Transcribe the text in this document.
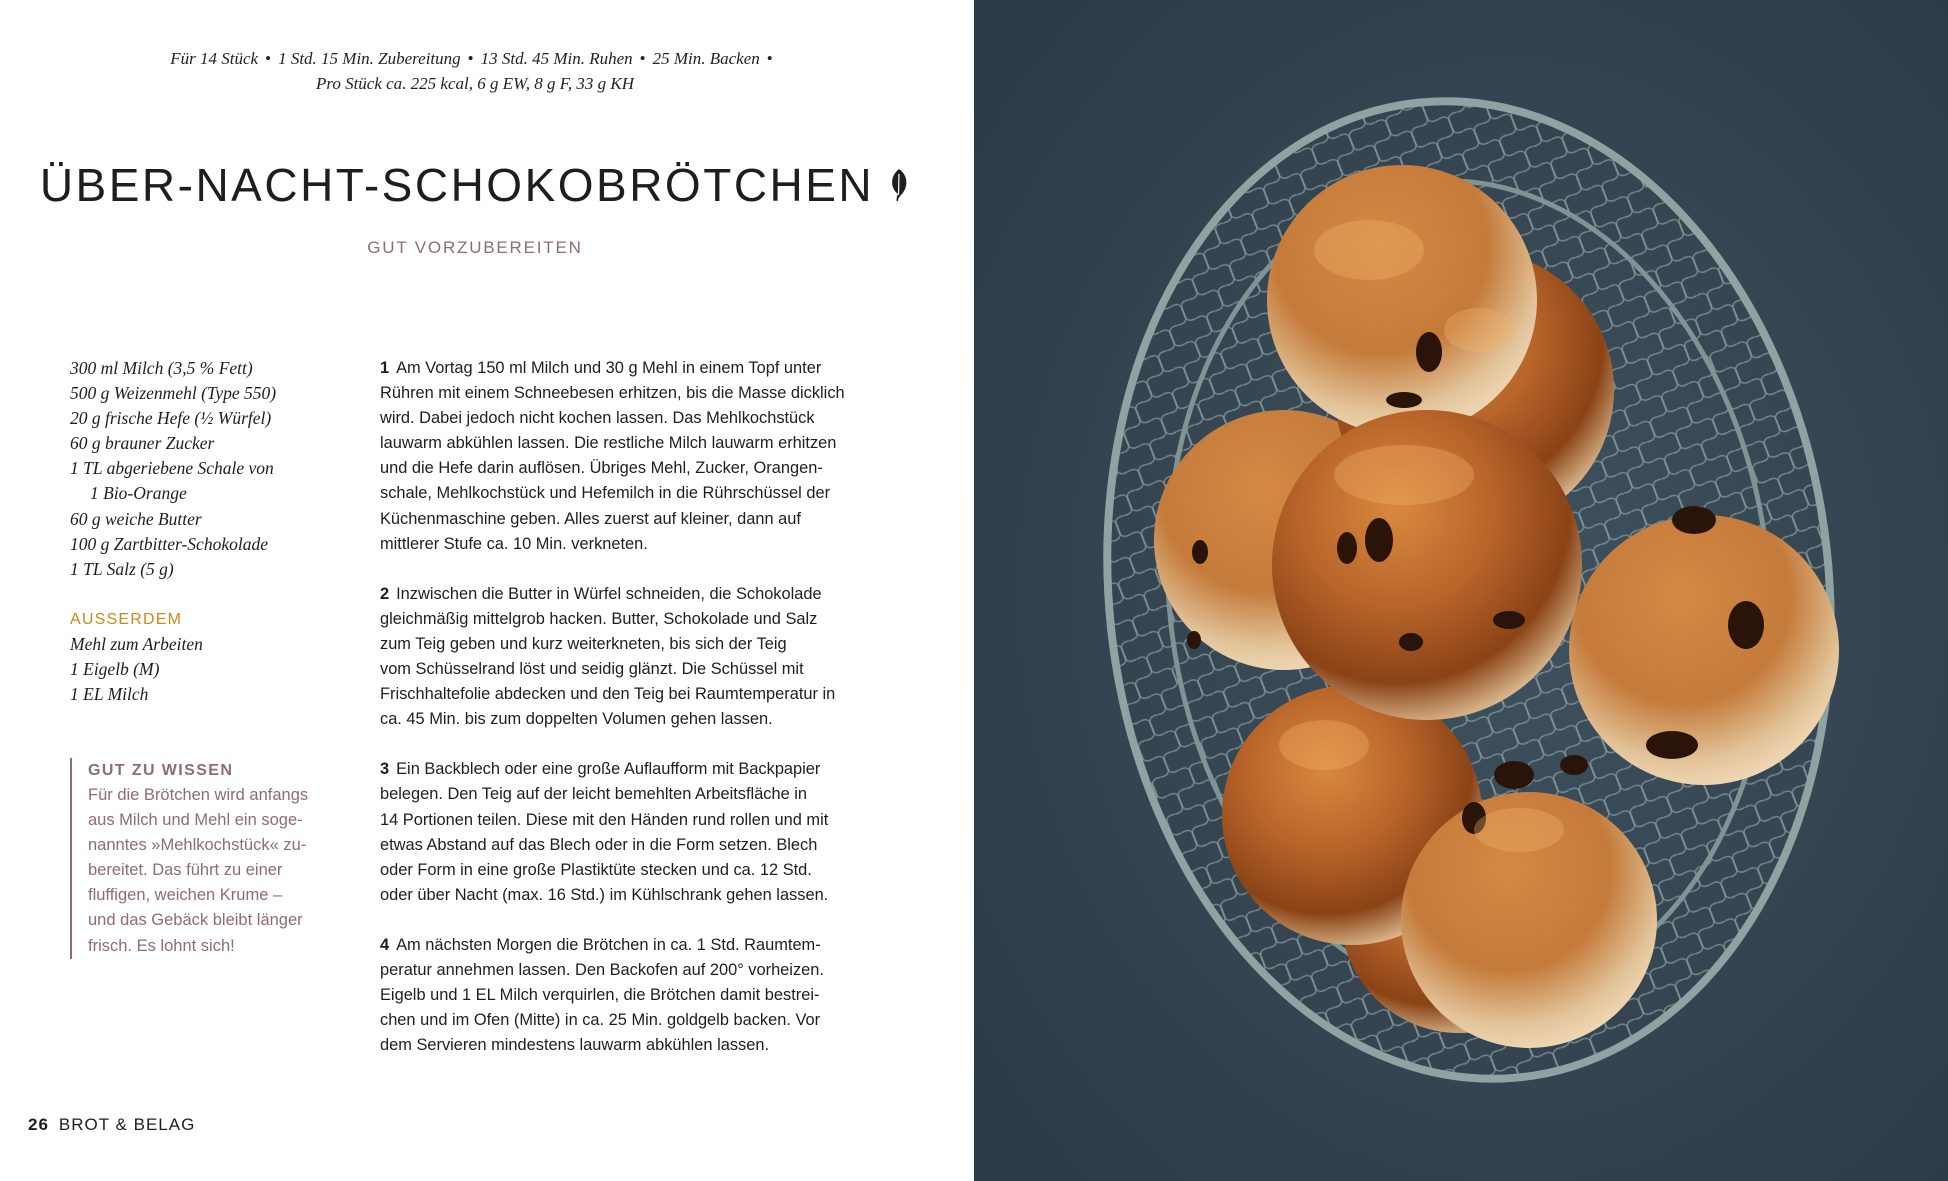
Für 14 Stück • 1 Std. 15 Min. Zubereitung • 13 Std. 45 Min. Ruhen • 25 Min. Backen •
Pro Stück ca. 225 kcal, 6 g EW, 8 g F, 33 g KH
ÜBER-NACHT-SCHOKOBRÖTCHEN
GUT VORZUBEREITEN
300 ml Milch (3,5 % Fett)
500 g Weizenmehl (Type 550)
20 g frische Hefe (½ Würfel)
60 g brauner Zucker
1 TL abgeriebene Schale von
1 Bio-Orange
60 g weiche Butter
100 g Zartbitter-Schokolade
1 TL Salz (5 g)
AUSSERDEM
Mehl zum Arbeiten
1 Eigelb (M)
1 EL Milch
GUT ZU WISSEN
Für die Brötchen wird anfangs
aus Milch und Mehl ein soge-
nanntes »Mehlkochstück« zu-
bereitet. Das führt zu einer
fluffigen, weichen Krume –
und das Gebäck bleibt länger
frisch. Es lohnt sich!
1 Am Vortag 150 ml Milch und 30 g Mehl in einem Topf unter
Rühren mit einem Schneebesen erhitzen, bis die Masse dicklich
wird. Dabei jedoch nicht kochen lassen. Das Mehlkochstück
lauwarm abkühlen lassen. Die restliche Milch lauwarm erhitzen
und die Hefe darin auflösen. Übriges Mehl, Zucker, Orangen-
schale, Mehlkochstück und Hefemilch in die Rührschüssel der
Küchenmaschine geben. Alles zuerst auf kleiner, dann auf
mittlerer Stufe ca. 10 Min. verkneten.
2 Inzwischen die Butter in Würfel schneiden, die Schokolade
gleichmäßig mittelgrob hacken. Butter, Schokolade und Salz
zum Teig geben und kurz weiterkneten, bis sich der Teig
vom Schüsselrand löst und seidig glänzt. Die Schüssel mit
Frischhaltefolie abdecken und den Teig bei Raumtemperatur in
ca. 45 Min. bis zum doppelten Volumen gehen lassen.
3 Ein Backblech oder eine große Auflaufform mit Backpapier
belegen. Den Teig auf der leicht bemehlten Arbeitsfläche in
14 Portionen teilen. Diese mit den Händen rund rollen und mit
etwas Abstand auf das Blech oder in die Form setzen. Blech
oder Form in eine große Plastiktüte stecken und ca. 12 Std.
oder über Nacht (max. 16 Std.) im Kühlschrank gehen lassen.
4 Am nächsten Morgen die Brötchen in ca. 1 Std. Raumtem-
peratur annehmen lassen. Den Backofen auf 200° vorheizen.
Eigelb und 1 EL Milch verquirlen, die Brötchen damit bestrei-
chen und im Ofen (Mitte) in ca. 25 Min. goldgelb backen. Vor
dem Servieren mindestens lauwarm abkühlen lassen.
26 BROT & BELAG
